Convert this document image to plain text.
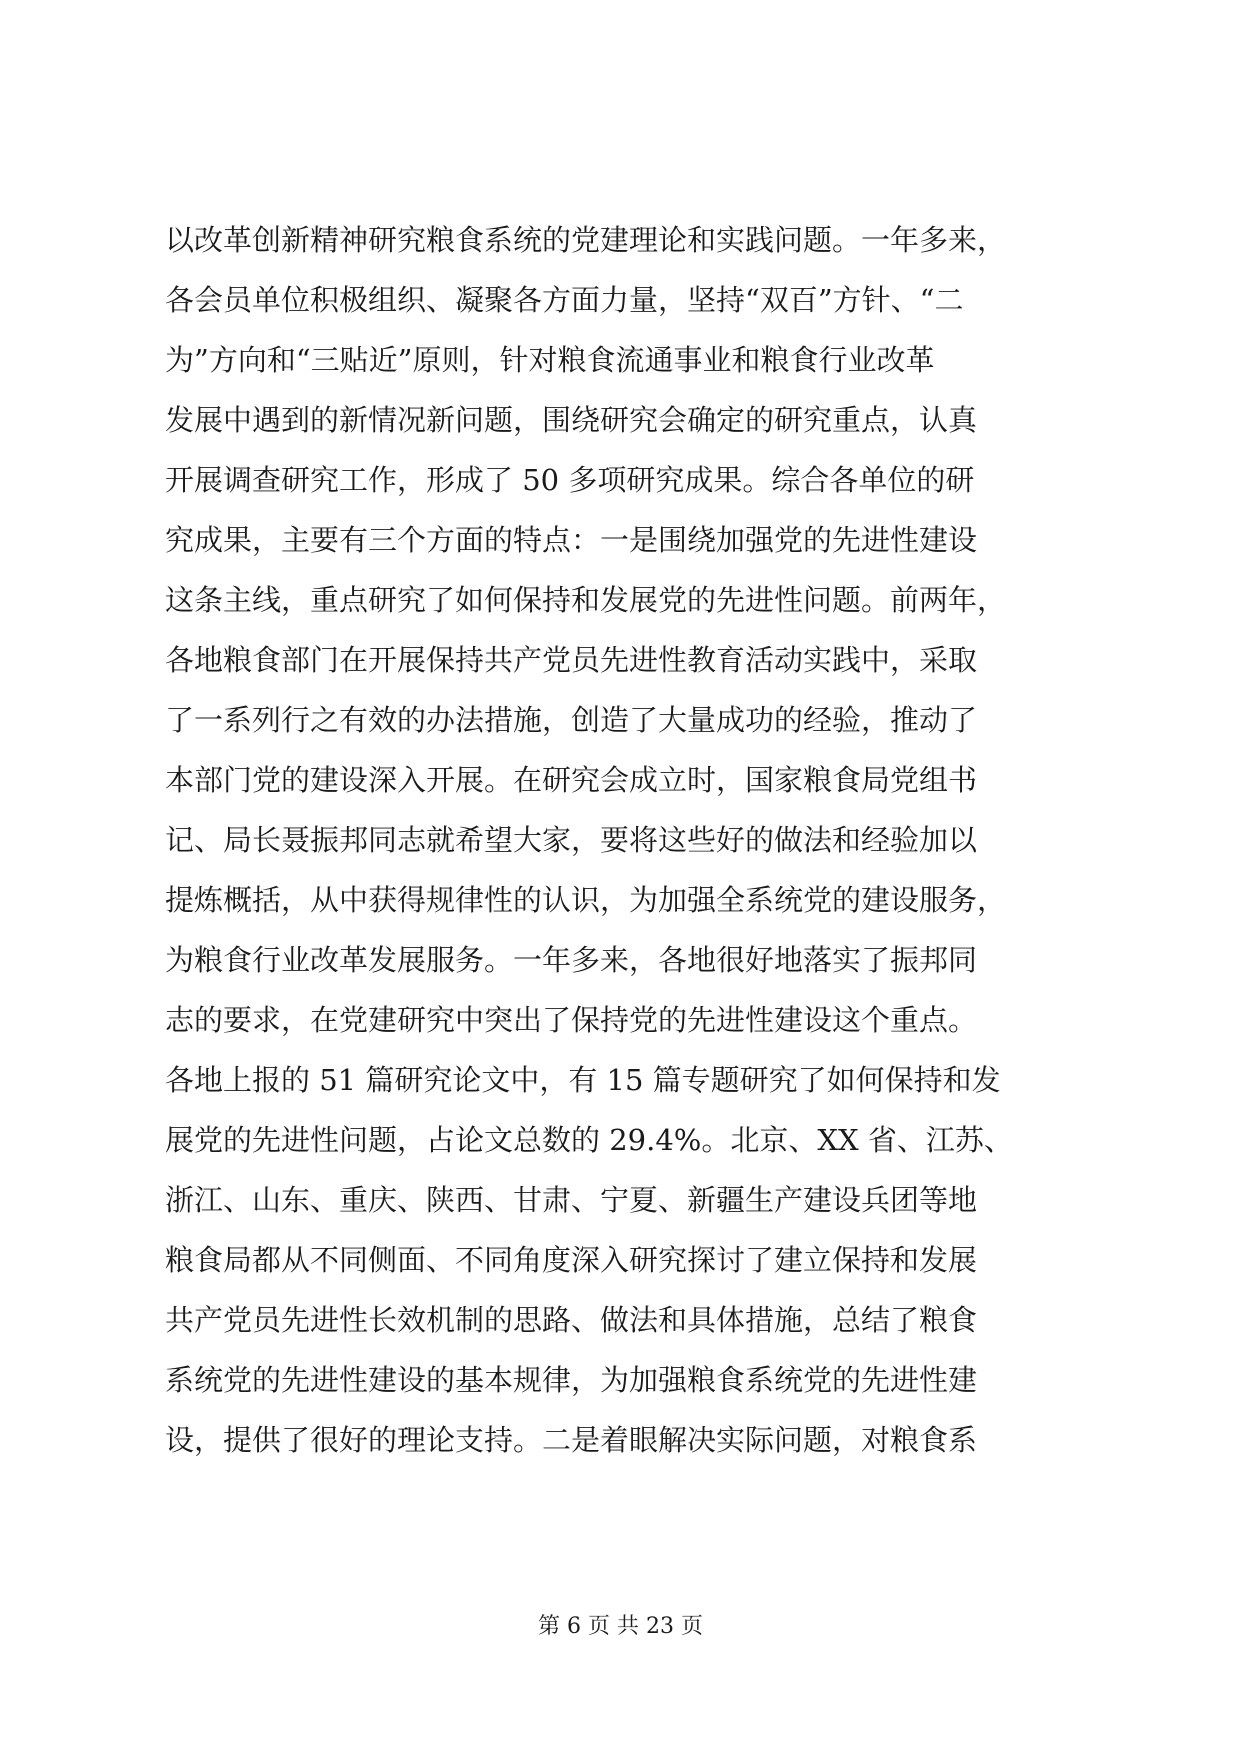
以改革创新精神研究粮食系统的党建理论和实践问题。一年多来，
各会员单位积极组织、凝聚各方面力量，坚持“双百”方针、“二
为”方向和“三贴近”原则，针对粮食流通事业和粮食行业改革
发展中遇到的新情况新问题，围绕研究会确定的研究重点，认真
开展调查研究工作，形成了 50 多项研究成果。综合各单位的研
究成果，主要有三个方面的特点：一是围绕加强党的先进性建设
这条主线，重点研究了如何保持和发展党的先进性问题。前两年，
各地粮食部门在开展保持共产党员先进性教育活动实践中，采取
了一系列行之有效的办法措施，创造了大量成功的经验，推动了
本部门党的建设深入开展。在研究会成立时，国家粮食局党组书
记、局长聂振邦同志就希望大家，要将这些好的做法和经验加以
提炼概括，从中获得规律性的认识，为加强全系统党的建设服务，
为粮食行业改革发展服务。一年多来，各地很好地落实了振邦同
志的要求，在党建研究中突出了保持党的先进性建设这个重点。
各地上报的 51 篇研究论文中，有 15 篇专题研究了如何保持和发
展党的先进性问题，占论文总数的 29.4%。北京、XX 省、江苏、
浙江、山东、重庆、陕西、甘肃、宁夏、新疆生产建设兵团等地
粮食局都从不同侧面、不同角度深入研究探讨了建立保持和发展
共产党员先进性长效机制的思路、做法和具体措施，总结了粮食
系统党的先进性建设的基本规律，为加强粮食系统党的先进性建
设，提供了很好的理论支持。二是着眼解决实际问题，对粮食系
第 6 页 共 23 页
